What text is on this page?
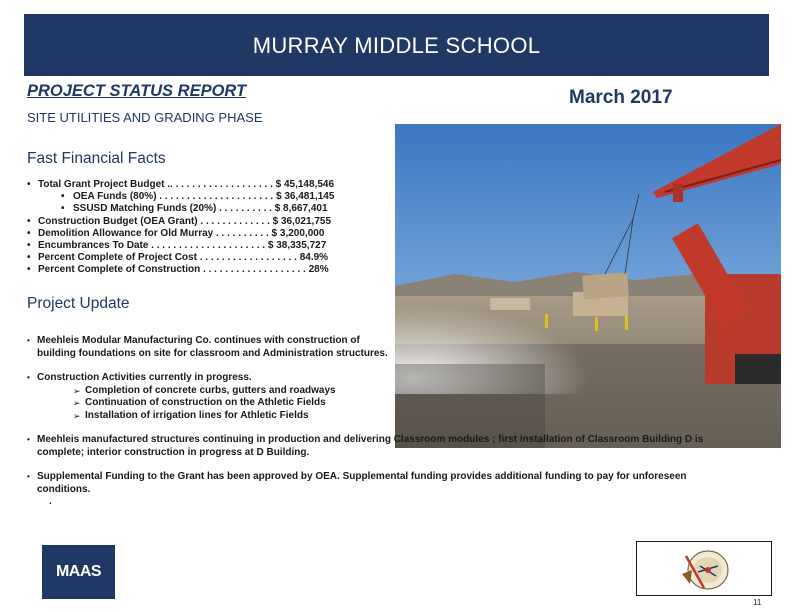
MURRAY MIDDLE SCHOOL
PROJECT STATUS REPORT	March 2017
SITE UTILITIES AND GRADING PHASE
Fast Financial Facts
• Total Grant Project Budget .. . . . . . . . . . . . . . . . . . . $ 45,148,546
• OEA Funds (80%) . . . . . . . . . . . . . . . . . . . . . $ 36,481,145
• SSUSD Matching Funds (20%) . . . . . . . . . . $ 8,667,401
• Construction Budget (OEA Grant) . . . . . . . . . . . . . $ 36,021,755
• Demolition Allowance for Old Murray . . . . . . . . . . $ 3,200,000
• Encumbrances To Date . . . . . . . . . . . . . . . . . . . . . $ 38,335,727
• Percent Complete of Project Cost . . . . . . . . . . . . . . . . . . 84.9%
• Percent Complete of Construction . . . . . . . . . . . . . . . . . . . 28%
Project Update
• Meehleis Modular Manufacturing Co. continues with construction of building foundations on site for classroom and Administration structures.
• Construction Activities currently in progress.
➢ Completion of concrete curbs, gutters and roadways
➢ Continuation of construction on the Athletic Fields
➢ Installation of irrigation lines for Athletic Fields
• Meehleis manufactured structures continuing in production and delivering Classroom modules ; first installation of Classroom Building D is complete; interior construction in progress at D Building.
• Supplemental Funding to the Grant has been approved by OEA. Supplemental funding provides additional funding to pay for unforeseen conditions.
.
MAAS
11
